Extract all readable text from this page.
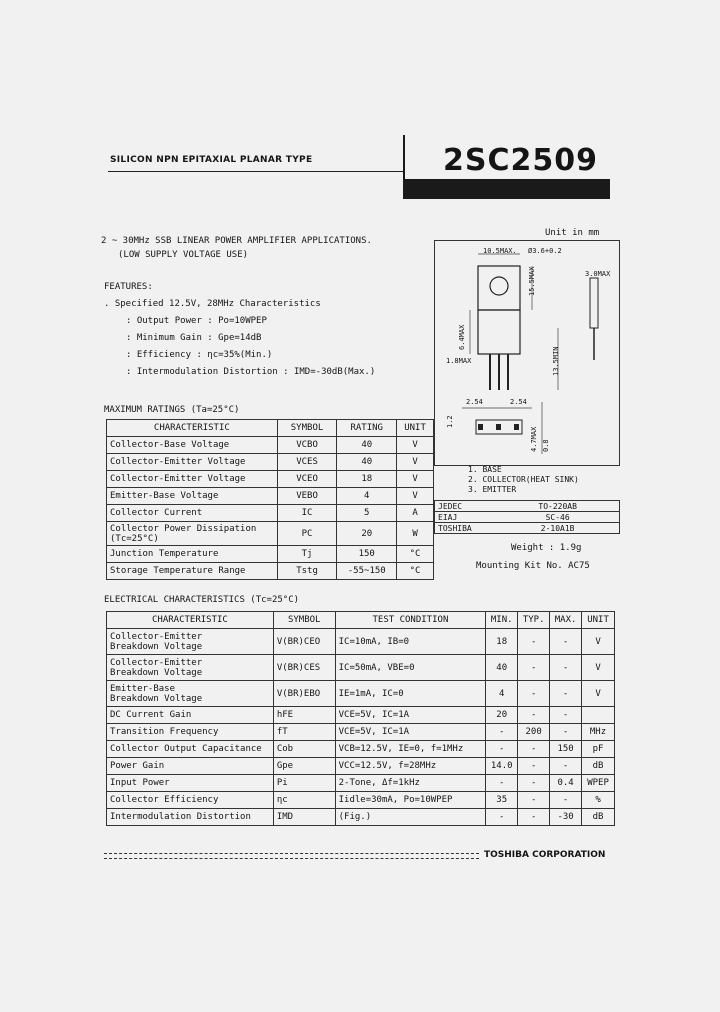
SILICON NPN EPITAXIAL PLANAR TYPE	2SC2509
2 ~ 30MHz SSB LINEAR POWER AMPLIFIER APPLICATIONS.
(LOW SUPPLY VOLTAGE USE)
FEATURES:
. Specified 12.5V, 28MHz Characteristics
: Output Power : Po=10WPEP
: Minimum Gain : Gpe=14dB
: Efficiency : ηc=35%(Min.)
: Intermodulation Distortion : IMD=-30dB(Max.)
MAXIMUM RATINGS (Ta=25°C)
CHARACTERISTIC	SYMBOL	RATING	UNIT
Collector-Base Voltage	VCBO	40	V
Collector-Emitter Voltage	VCES	40	V
Collector-Emitter Voltage	VCEO	18	V
Emitter-Base Voltage	VEBO	4	V
Collector Current	IC	5	A
Collector Power Dissipation
(Tc=25°C)	PC	20	W
Junction Temperature	Tj	150	°C
Storage Temperature Range	Tstg	-55~150	°C
Unit in mm
10.5MAX. Ø3.6+0.2
15.5MAX	3.0MAX
6.4MAX
1.8MAX	13.5MIN
2.54	2.54
4.7MAX
1.2
0.8
1. BASE
2. COLLECTOR(HEAT SINK)
3. EMITTER
JEDEC	TO-220AB
EIAJ	SC-46
TOSHIBA	2-10A1B
Weight : 1.9g
Mounting Kit No. AC75
ELECTRICAL CHARACTERISTICS (Tc=25°C)
CHARACTERISTIC	SYMBOL	TEST CONDITION	MIN.	TYP.	MAX.	UNIT
Collector-Emitter
Breakdown Voltage	V(BR)CEO	IC=10mA, IB=0	18	-	-	V
Collector-Emitter
Breakdown Voltage	V(BR)CES	IC=50mA, VBE=0	40	-	-	V
Emitter-Base
Breakdown Voltage	V(BR)EBO	IE=1mA, IC=0	4	-	-	V
DC Current Gain	hFE	VCE=5V, IC=1A	20	-	-	
Transition Frequency	fT	VCE=5V, IC=1A	-	200	-	MHz
Collector Output Capacitance	Cob	VCB=12.5V, IE=0, f=1MHz	-	-	150	pF
Power Gain	Gpe	VCC=12.5V, f=28MHz	14.0	-	-	dB
Input Power	Pi	2-Tone, Δf=1kHz	-	-	0.4	WPEP
Collector Efficiency	ηc	Iidle=30mA, Po=10WPEP	35	-	-	%
Intermodulation Distortion	IMD	(Fig.)	-	-	-30	dB
TOSHIBA CORPORATION
